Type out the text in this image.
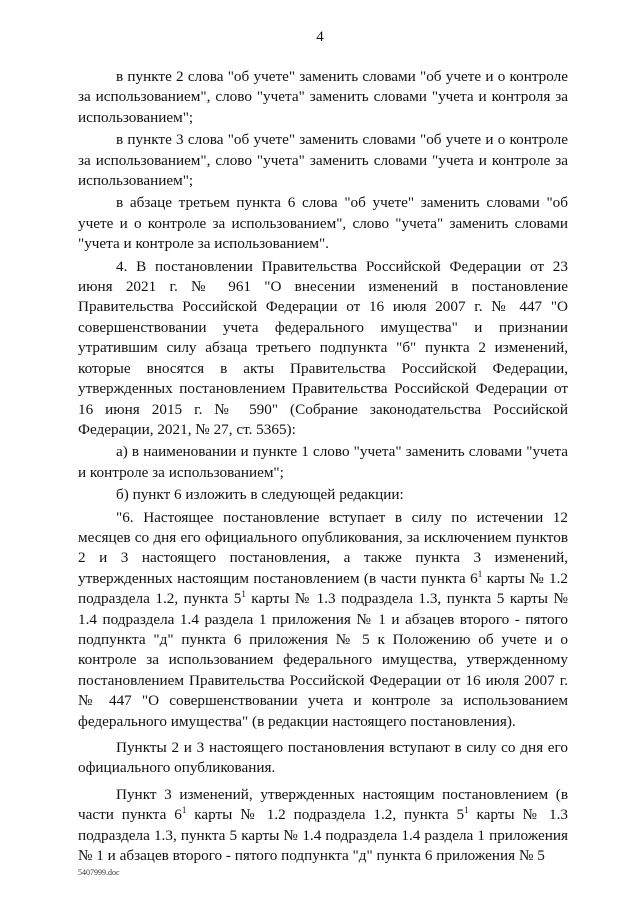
4

в пункте 2 слова "об учете" заменить словами "об учете и о контроле за использованием", слово "учета" заменить словами "учета и контроля за использованием";

в пункте 3 слова "об учете" заменить словами "об учете и о контроле за использованием", слово "учета" заменить словами "учета и контроле за использованием";

в абзаце третьем пункта 6 слова "об учете" заменить словами "об учете и о контроле за использованием", слово "учета" заменить словами "учета и контроле за использованием".

4. В постановлении Правительства Российской Федерации от 23 июня 2021 г. № 961 "О внесении изменений в постановление Правительства Российской Федерации от 16 июля 2007 г. № 447 "О совершенствовании учета федерального имущества" и признании утратившим силу абзаца третьего подпункта "б" пункта 2 изменений, которые вносятся в акты Правительства Российской Федерации, утвержденных постановлением Правительства Российской Федерации от 16 июня 2015 г. № 590" (Собрание законодательства Российской Федерации, 2021, № 27, ст. 5365):

а) в наименовании и пункте 1 слово "учета" заменить словами "учета и контроле за использованием";

б) пункт 6 изложить в следующей редакции:

"6. Настоящее постановление вступает в силу по истечении 12 месяцев со дня его официального опубликования, за исключением пунктов 2 и 3 настоящего постановления, а также пункта 3 изменений, утвержденных настоящим постановлением (в части пункта $6^1$ карты № 1.2 подраздела 1.2, пункта $5^1$ карты № 1.3 подраздела 1.3, пункта 5 карты № 1.4 подраздела 1.4 раздела 1 приложения № 1 и абзацев второго - пятого подпункта "д" пункта 6 приложения № 5 к Положению об учете и о контроле за использованием федерального имущества, утвержденному постановлением Правительства Российской Федерации от 16 июля 2007 г. № 447 "О совершенствовании учета и контроле за использованием федерального имущества" (в редакции настоящего постановления).

Пункты 2 и 3 настоящего постановления вступают в силу со дня его официального опубликования.

Пункт 3 изменений, утвержденных настоящим постановлением (в части пункта $6^1$ карты № 1.2 подраздела 1.2, пункта $5^1$ карты № 1.3 подраздела 1.3, пункта 5 карты № 1.4 подраздела 1.4 раздела 1 приложения № 1 и абзацев второго - пятого подпункта "д" пункта 6 приложения № 5

5407999.doc
